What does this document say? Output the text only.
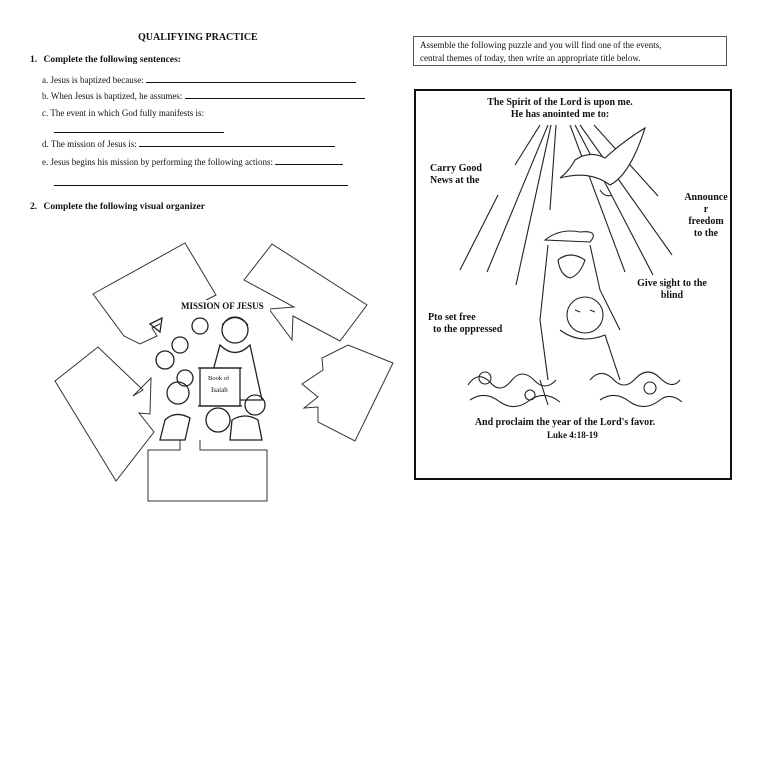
QUALIFYING PRACTICE
1. Complete the following sentences:
a. Jesus is baptized because:
b. When Jesus is baptized, he assumes:
c. The event in which God fully manifests is:
d. The mission of Jesus is:
e. Jesus begins his mission by performing the following actions:
2. Complete the following visual organizer
MISSION OF JESUS
Book of
Isaiah
Assemble the following puzzle and you will find one of the events,
central themes of today, then write an appropriate title below.
The Spirit of the Lord is upon me.
He has anointed me to:
Carry Good
News at the
Announce
r
freedom
to the
Give sight to the
blind
Pto set free
to the oppressed
And proclaim the year of the Lord's favor.
Luke 4:18-19
